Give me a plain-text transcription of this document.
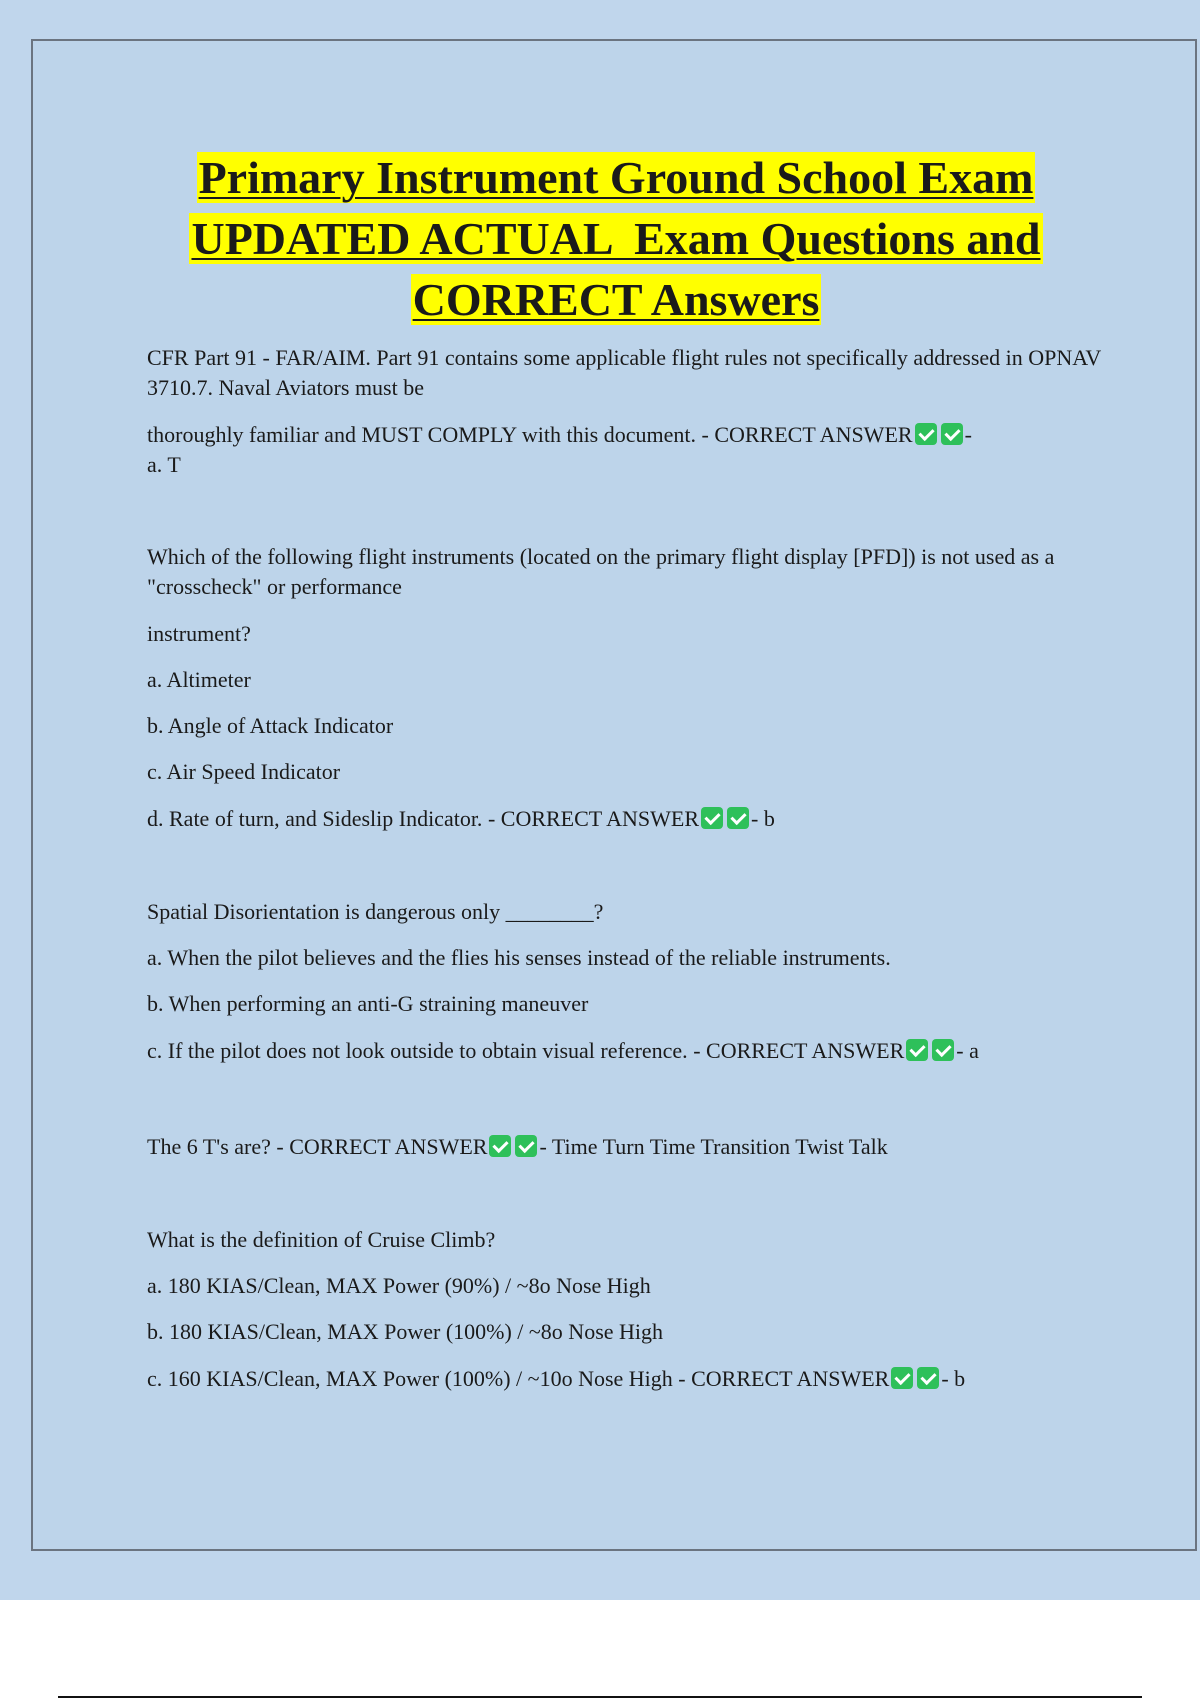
Primary Instrument Ground School Exam
UPDATED ACTUAL  Exam Questions and
CORRECT Answers

CFR Part 91 - FAR/AIM. Part 91 contains some applicable flight rules not specifically addressed in OPNAV 3710.7. Naval Aviators must be

thoroughly familiar and MUST COMPLY with this document. - CORRECT ANSWER -
a. T

Which of the following flight instruments (located on the primary flight display [PFD]) is not used as a "crosscheck" or performance

instrument?

a. Altimeter

b. Angle of Attack Indicator

c. Air Speed Indicator

d. Rate of turn, and Sideslip Indicator. - CORRECT ANSWER - b

Spatial Disorientation is dangerous only ________?

a. When the pilot believes and the flies his senses instead of the reliable instruments.

b. When performing an anti-G straining maneuver

c. If the pilot does not look outside to obtain visual reference. - CORRECT ANSWER - a

The 6 T's are? - CORRECT ANSWER - Time Turn Time Transition Twist Talk

What is the definition of Cruise Climb?

a. 180 KIAS/Clean, MAX Power (90%) / ~8o Nose High

b. 180 KIAS/Clean, MAX Power (100%) / ~8o Nose High

c. 160 KIAS/Clean, MAX Power (100%) / ~10o Nose High - CORRECT ANSWER - b
